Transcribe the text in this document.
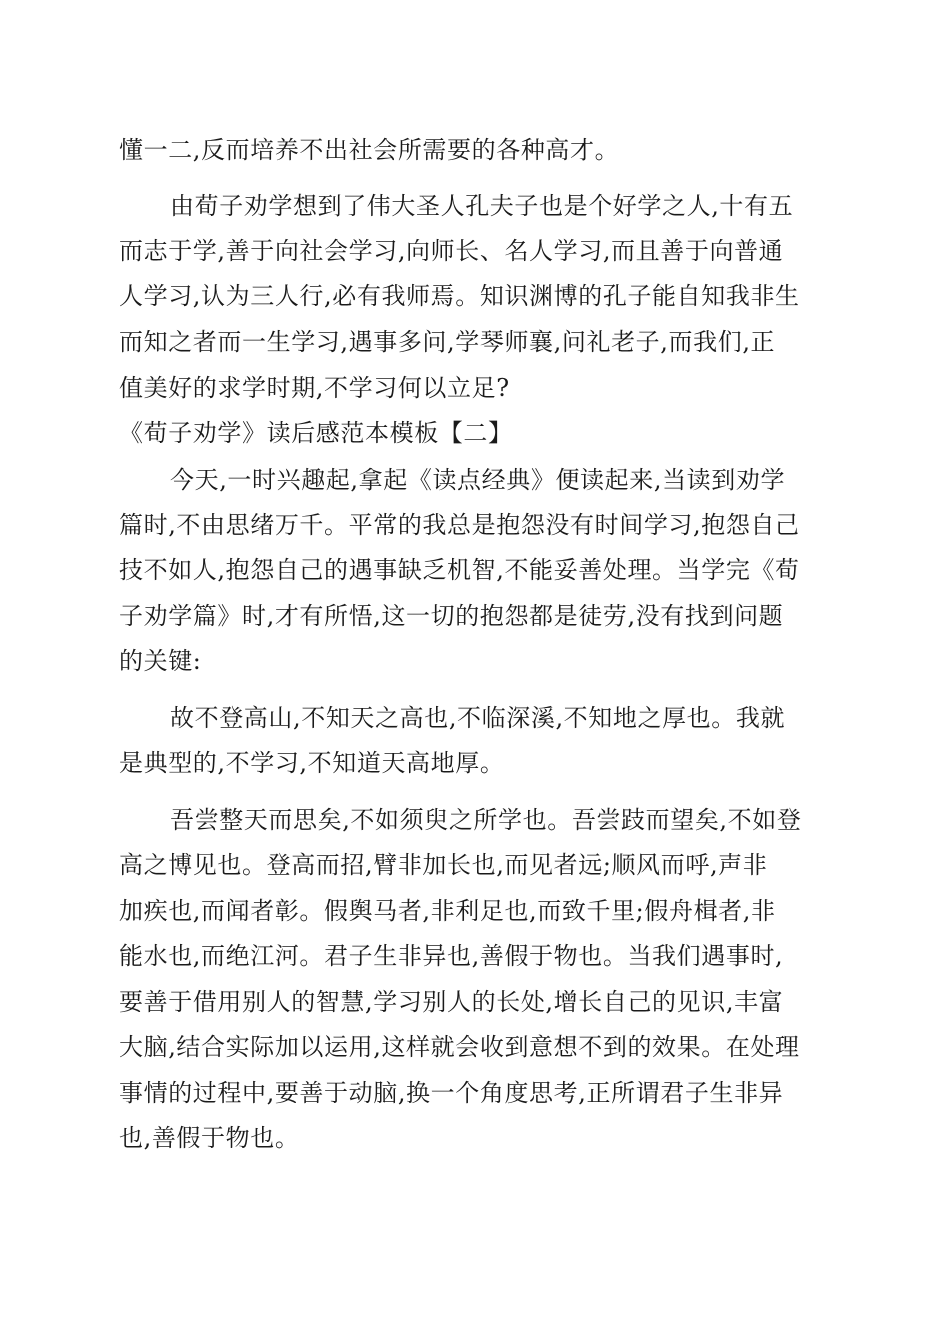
懂一二,反而培养不出社会所需要的各种高才。
由荀子劝学想到了伟大圣人孔夫子也是个好学之人,十有五
而志于学,善于向社会学习,向师长、名人学习,而且善于向普通
人学习,认为三人行,必有我师焉。知识渊博的孔子能自知我非生
而知之者而一生学习,遇事多问,学琴师襄,问礼老子,而我们,正
值美好的求学时期,不学习何以立足?
《荀子劝学》读后感范本模板【二】
今天,一时兴趣起,拿起《读点经典》便读起来,当读到劝学
篇时,不由思绪万千。平常的我总是抱怨没有时间学习,抱怨自己
技不如人,抱怨自己的遇事缺乏机智,不能妥善处理。当学完《荀
子劝学篇》时,才有所悟,这一切的抱怨都是徒劳,没有找到问题
的关键:
故不登高山,不知天之高也,不临深溪,不知地之厚也。我就
是典型的,不学习,不知道天高地厚。
吾尝整天而思矣,不如须臾之所学也。吾尝跂而望矣,不如登
高之博见也。登高而招,臂非加长也,而见者远;顺风而呼,声非
加疾也,而闻者彰。假舆马者,非利足也,而致千里;假舟楫者,非
能水也,而绝江河。君子生非异也,善假于物也。当我们遇事时,
要善于借用别人的智慧,学习别人的长处,增长自己的见识,丰富
大脑,结合实际加以运用,这样就会收到意想不到的效果。在处理
事情的过程中,要善于动脑,换一个角度思考,正所谓君子生非异
也,善假于物也。
